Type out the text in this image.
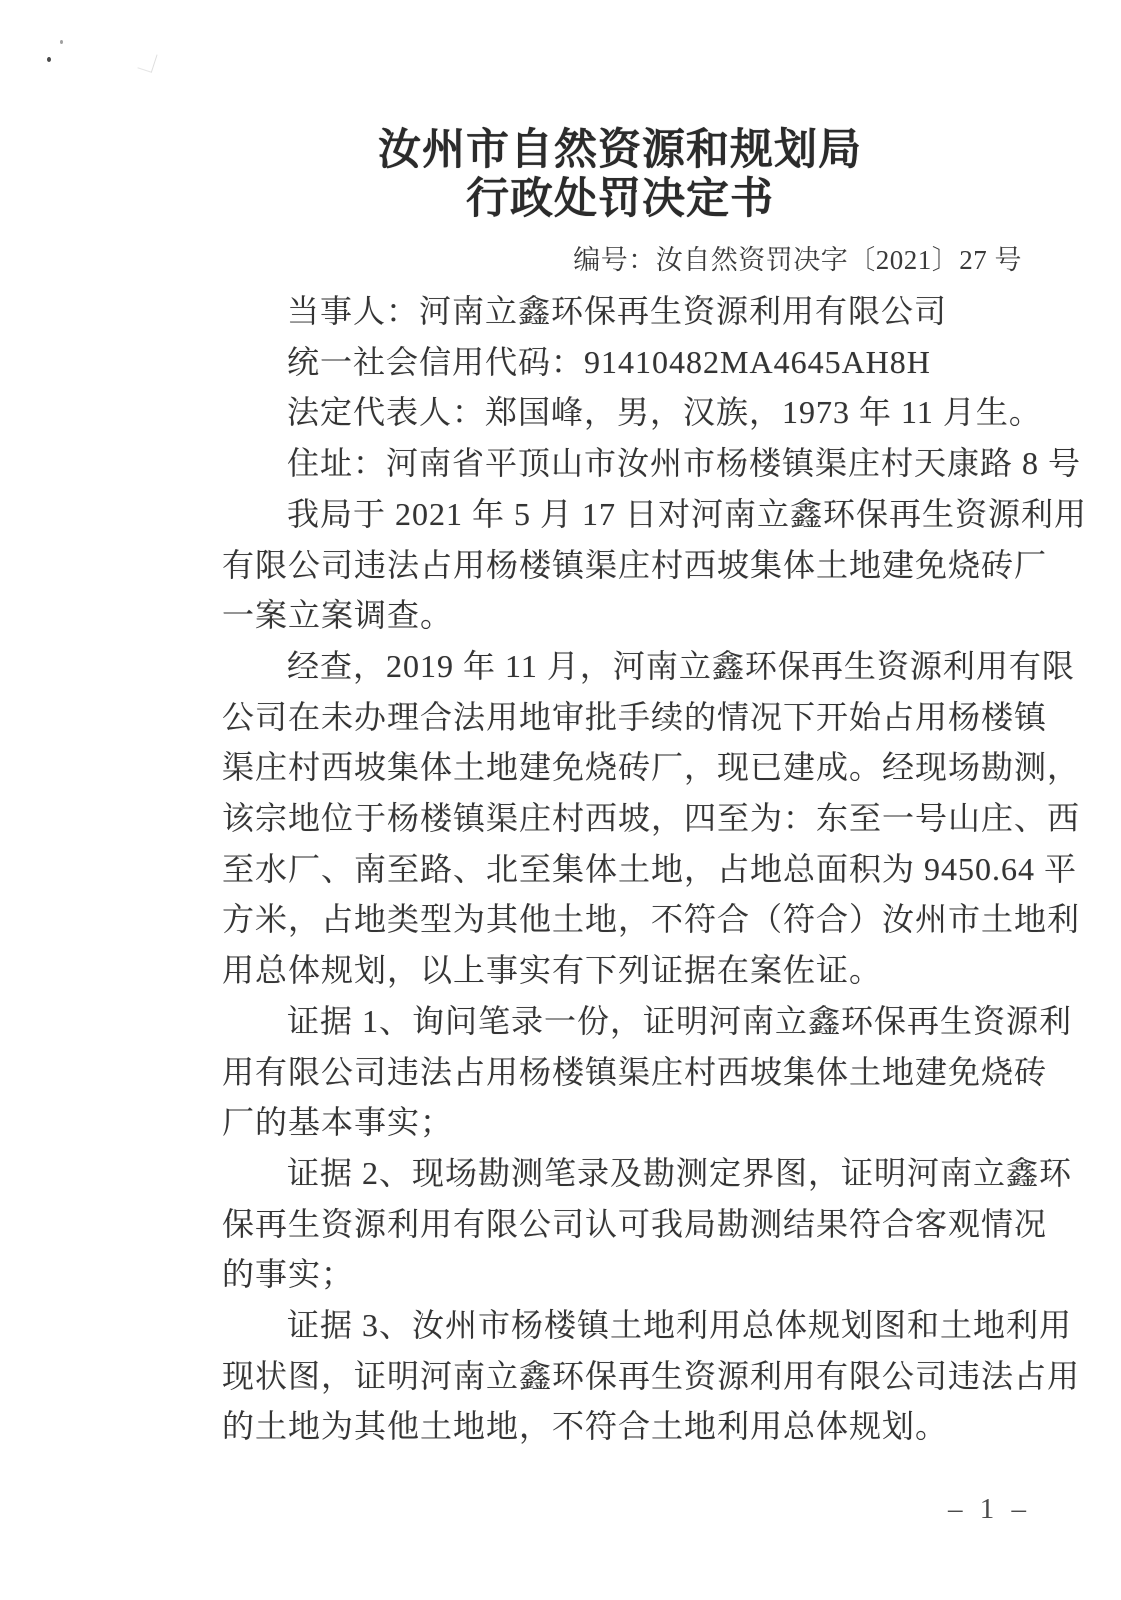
汝州市自然资源和规划局
行政处罚决定书
编号：汝自然资罚决字〔2021〕27 号
当事人：河南立鑫环保再生资源利用有限公司
统一社会信用代码：91410482MA4645AH8H
法定代表人：郑国峰，男，汉族，1973 年 11 月生。
住址：河南省平顶山市汝州市杨楼镇渠庄村天康路 8 号
我局于 2021 年 5 月 17 日对河南立鑫环保再生资源利用
有限公司违法占用杨楼镇渠庄村西坡集体土地建免烧砖厂
一案立案调查。
经查，2019 年 11 月，河南立鑫环保再生资源利用有限
公司在未办理合法用地审批手续的情况下开始占用杨楼镇
渠庄村西坡集体土地建免烧砖厂，现已建成。经现场勘测，
该宗地位于杨楼镇渠庄村西坡，四至为：东至一号山庄、西
至水厂、南至路、北至集体土地，占地总面积为 9450.64 平
方米，占地类型为其他土地，不符合（符合）汝州市土地利
用总体规划，以上事实有下列证据在案佐证。
证据 1、询问笔录一份，证明河南立鑫环保再生资源利
用有限公司违法占用杨楼镇渠庄村西坡集体土地建免烧砖
厂的基本事实；
证据 2、现场勘测笔录及勘测定界图，证明河南立鑫环
保再生资源利用有限公司认可我局勘测结果符合客观情况
的事实；
证据 3、汝州市杨楼镇土地利用总体规划图和土地利用
现状图，证明河南立鑫环保再生资源利用有限公司违法占用
的土地为其他土地地，不符合土地利用总体规划。
– 1 –
